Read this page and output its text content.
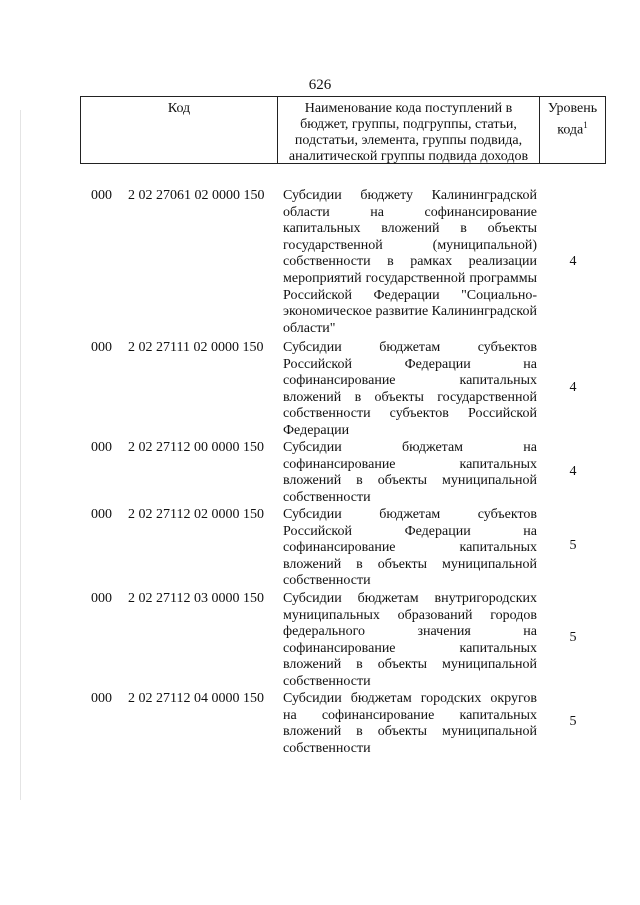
626
Код	Наименование кода поступлений в бюджет, группы, подгруппы, статьи, подстатьи, элемента, группы подвида, аналитической группы подвида доходов
Уровень кода$^1$
000 2 02 27061 02 0000 150 Субсидии бюджету Калининградской области на софинансирование капитальных вложений в объекты государственной (муниципальной) собственности в рамках реализации мероприятий государственной программы Российской Федерации "Социально-экономическое развитие Калининградской области"
4
000 2 02 27111 02 0000 150 Субсидии бюджетам субъектов Российской Федерации на софинансирование капитальных вложений в объекты государственной собственности субъектов Российской Федерации
4
000 2 02 27112 00 0000 150 Субсидии бюджетам на софинансирование капитальных вложений в объекты муниципальной собственности
4
000 2 02 27112 02 0000 150 Субсидии бюджетам субъектов Российской Федерации на софинансирование капитальных вложений в объекты муниципальной собственности
5
000 2 02 27112 03 0000 150 Субсидии бюджетам внутригородских муниципальных образований городов федерального значения на софинансирование капитальных вложений в объекты муниципальной собственности
5
000 2 02 27112 04 0000 150 Субсидии бюджетам городских округов на софинансирование капитальных вложений в объекты муниципальной собственности
5
